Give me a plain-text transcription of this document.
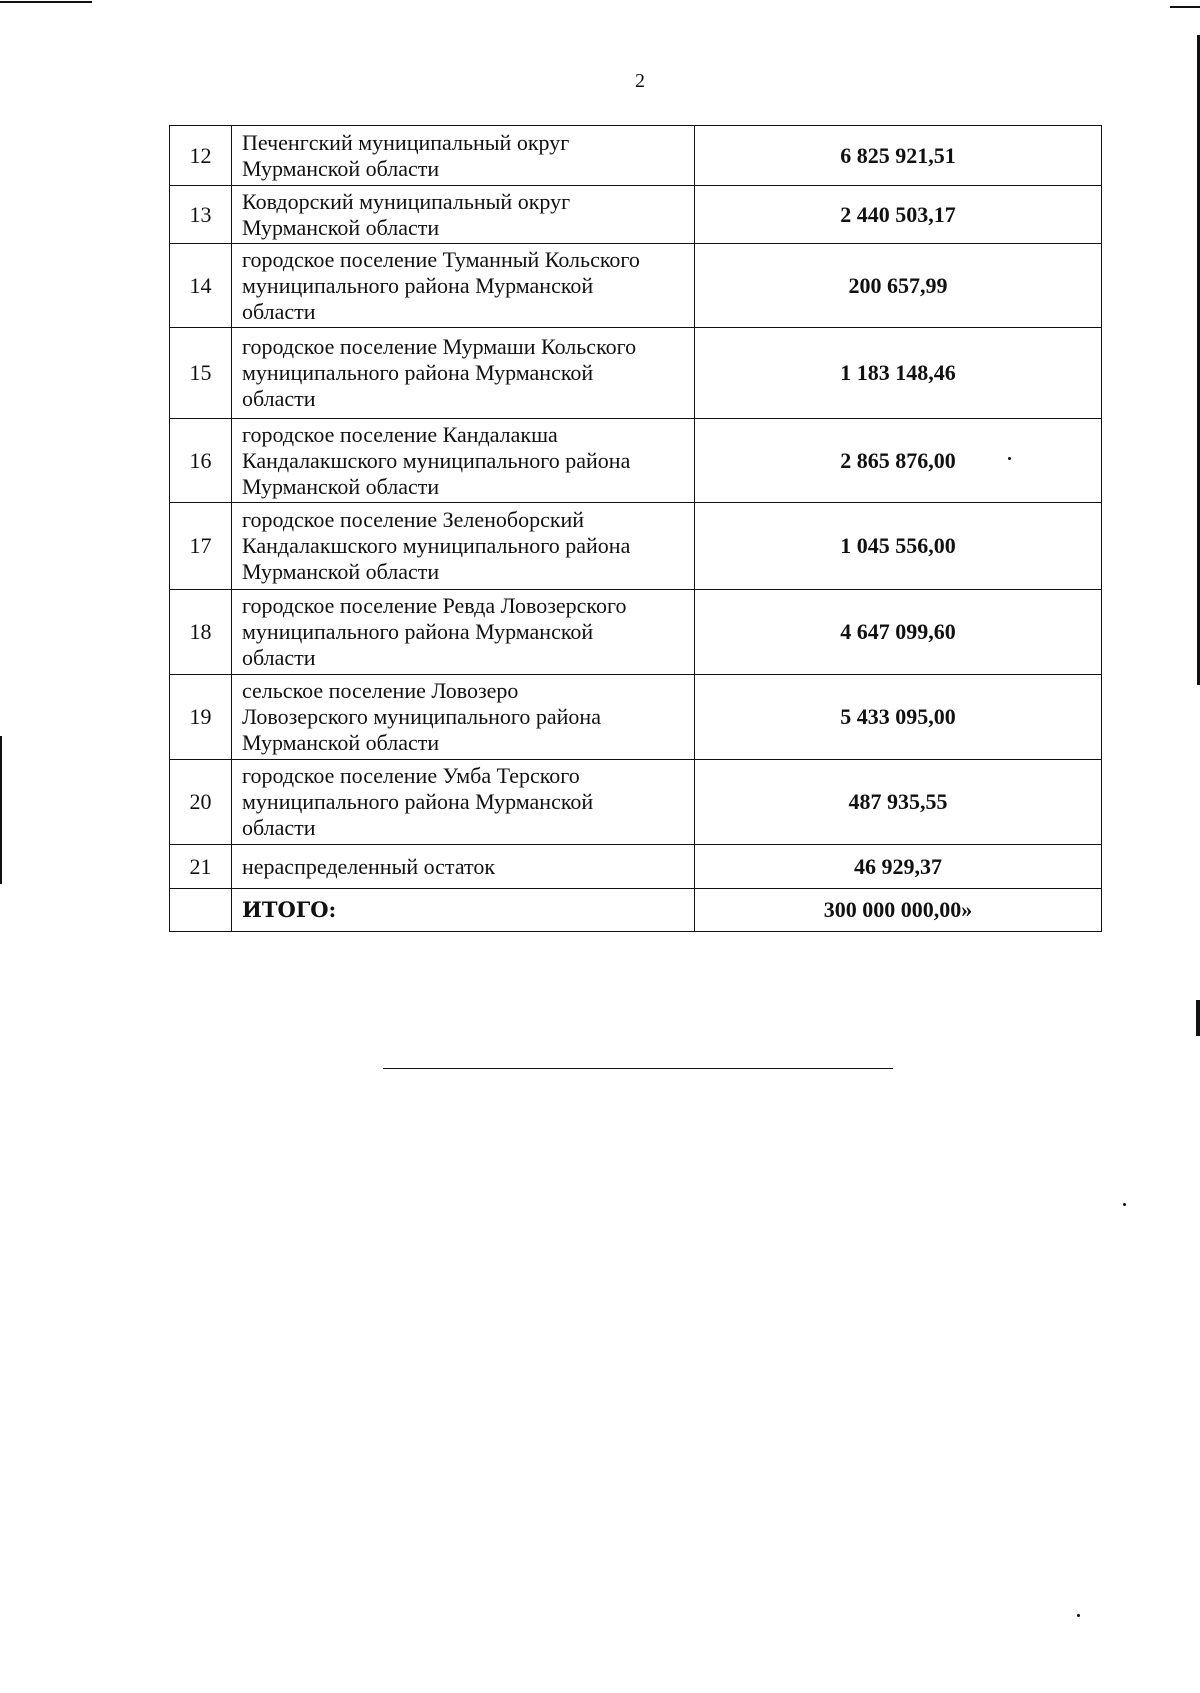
2
12	Печенгский муниципальный округ
Мурманской области	6 825 921,51
13	Ковдорский муниципальный округ
Мурманской области	2 440 503,17
14	городское поселение Туманный Кольского
муниципального района Мурманской
области	200 657,99
15	городское поселение Мурмаши Кольского
муниципального района Мурманской
области	1 183 148,46
16	городское поселение Кандалакша
Кандалакшского муниципального района
Мурманской области	2 865 876,00
17	городское поселение Зеленоборский
Кандалакшского муниципального района
Мурманской области	1 045 556,00
18	городское поселение Ревда Ловозерского
муниципального района Мурманской
области	4 647 099,60
19	сельское поселение Ловозеро
Ловозерского муниципального района
Мурманской области	5 433 095,00
20	городское поселение Умба Терского
муниципального района Мурманской
области	487 935,55
21	нераспределенный остаток	46 929,37
	ИТОГО:	300 000 000,00»
